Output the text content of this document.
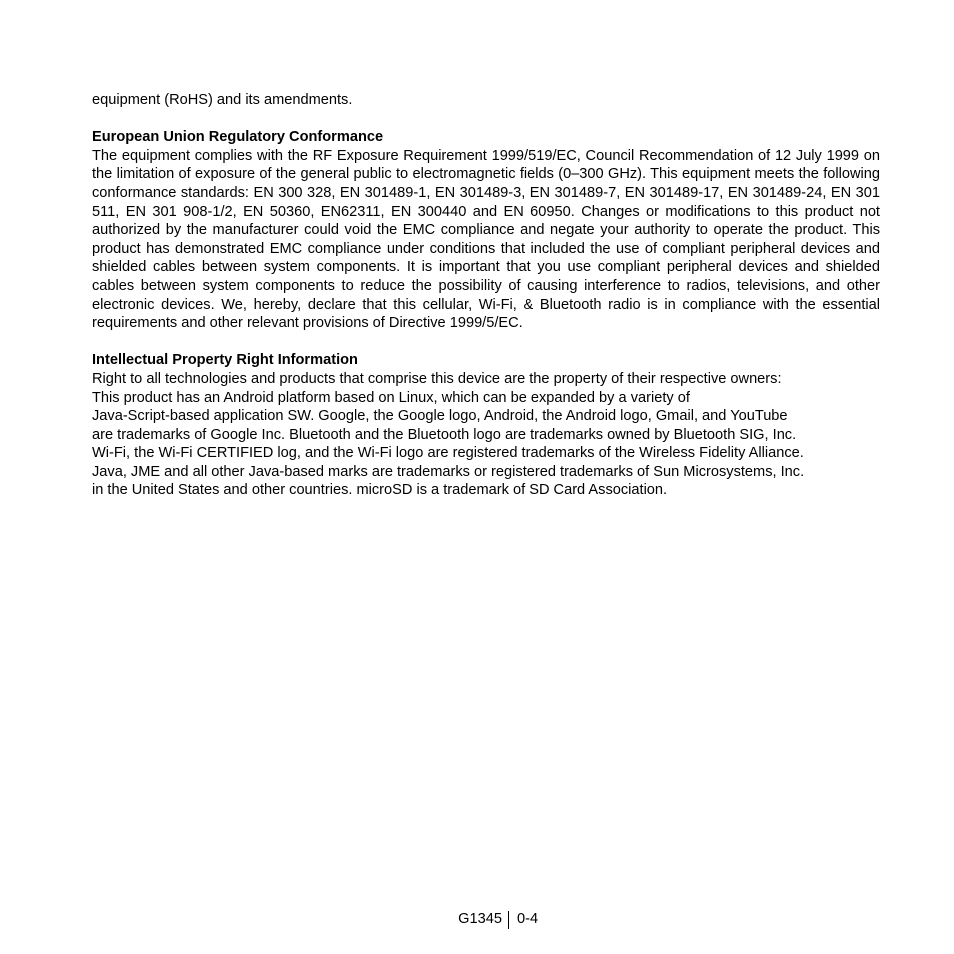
equipment (RoHS) and its amendments.

European Union Regulatory Conformance

The equipment complies with the RF Exposure Requirement 1999/519/EC, Council Recommendation of 12 July 1999 on the limitation of exposure of the general public to electromagnetic fields (0–300 GHz). This equipment meets the following conformance standards: EN 300 328, EN 301489-1, EN 301489-3, EN 301489-7, EN 301489-17, EN 301489-24, EN 301 511, EN 301 908-1/2, EN 50360, EN62311, EN 300440 and EN 60950. Changes or modifications to this product not authorized by the manufacturer could void the EMC compliance and negate your authority to operate the product. This product has demonstrated EMC compliance under conditions that included the use of compliant peripheral devices and shielded cables between system components. It is important that you use compliant peripheral devices and shielded cables between system components to reduce the possibility of causing interference to radios, televisions, and other electronic devices. We, hereby, declare that this cellular, Wi-Fi, & Bluetooth radio is in compliance with the essential requirements and other relevant provisions of Directive 1999/5/EC.

Intellectual Property Right Information

Right to all technologies and products that comprise this device are the property of their respective owners:
This product has an Android platform based on Linux, which can be expanded by a variety of
Java-Script-based application SW. Google, the Google logo, Android, the Android logo, Gmail, and YouTube
are trademarks of Google Inc. Bluetooth and the Bluetooth logo are trademarks owned by Bluetooth SIG, Inc.
Wi-Fi, the Wi-Fi CERTIFIED log, and the Wi-Fi logo are registered trademarks of the Wireless Fidelity Alliance.
Java, JME and all other Java-based marks are trademarks or registered trademarks of Sun Microsystems, Inc.
in the United States and other countries. microSD is a trademark of SD Card Association.

G1345 0-4
